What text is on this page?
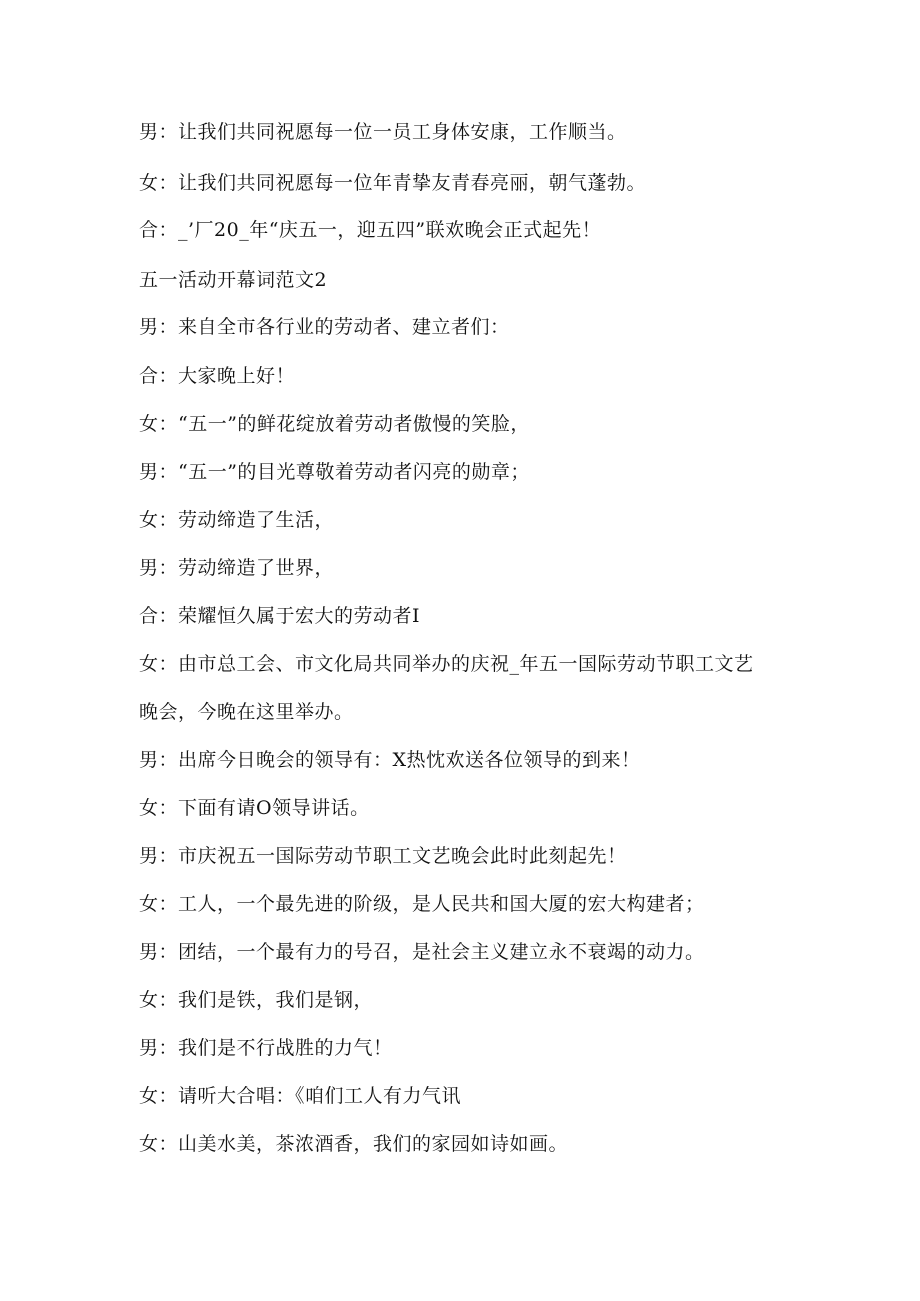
男：让我们共同祝愿每一位一员工身体安康，工作顺当。
女：让我们共同祝愿每一位年青挚友青春亮丽，朝气蓬勃。
合：_’厂20_年“庆五一，迎五四”联欢晚会正式起先！
五一活动开幕词范文2
男：来自全市各行业的劳动者、建立者们：
合：大家晚上好！
女：“五一”的鲜花绽放着劳动者傲慢的笑脸，
男：“五一”的目光尊敬着劳动者闪亮的勋章；
女：劳动缔造了生活，
男：劳动缔造了世界，
合：荣耀恒久属于宏大的劳动者I
女：由市总工会、市文化局共同举办的庆祝_年五一国际劳动节职工文艺
晚会，今晚在这里举办。
男：出席今日晚会的领导有：X热忱欢送各位领导的到来！
女：下面有请O领导讲话。
男：市庆祝五一国际劳动节职工文艺晚会此时此刻起先！
女：工人，一个最先进的阶级，是人民共和国大厦的宏大构建者；
男：团结，一个最有力的号召，是社会主义建立永不衰竭的动力。
女：我们是铁，我们是钢，
男：我们是不行战胜的力气！
女：请听大合唱：《咱们工人有力气讯
女：山美水美，茶浓酒香，我们的家园如诗如画。
